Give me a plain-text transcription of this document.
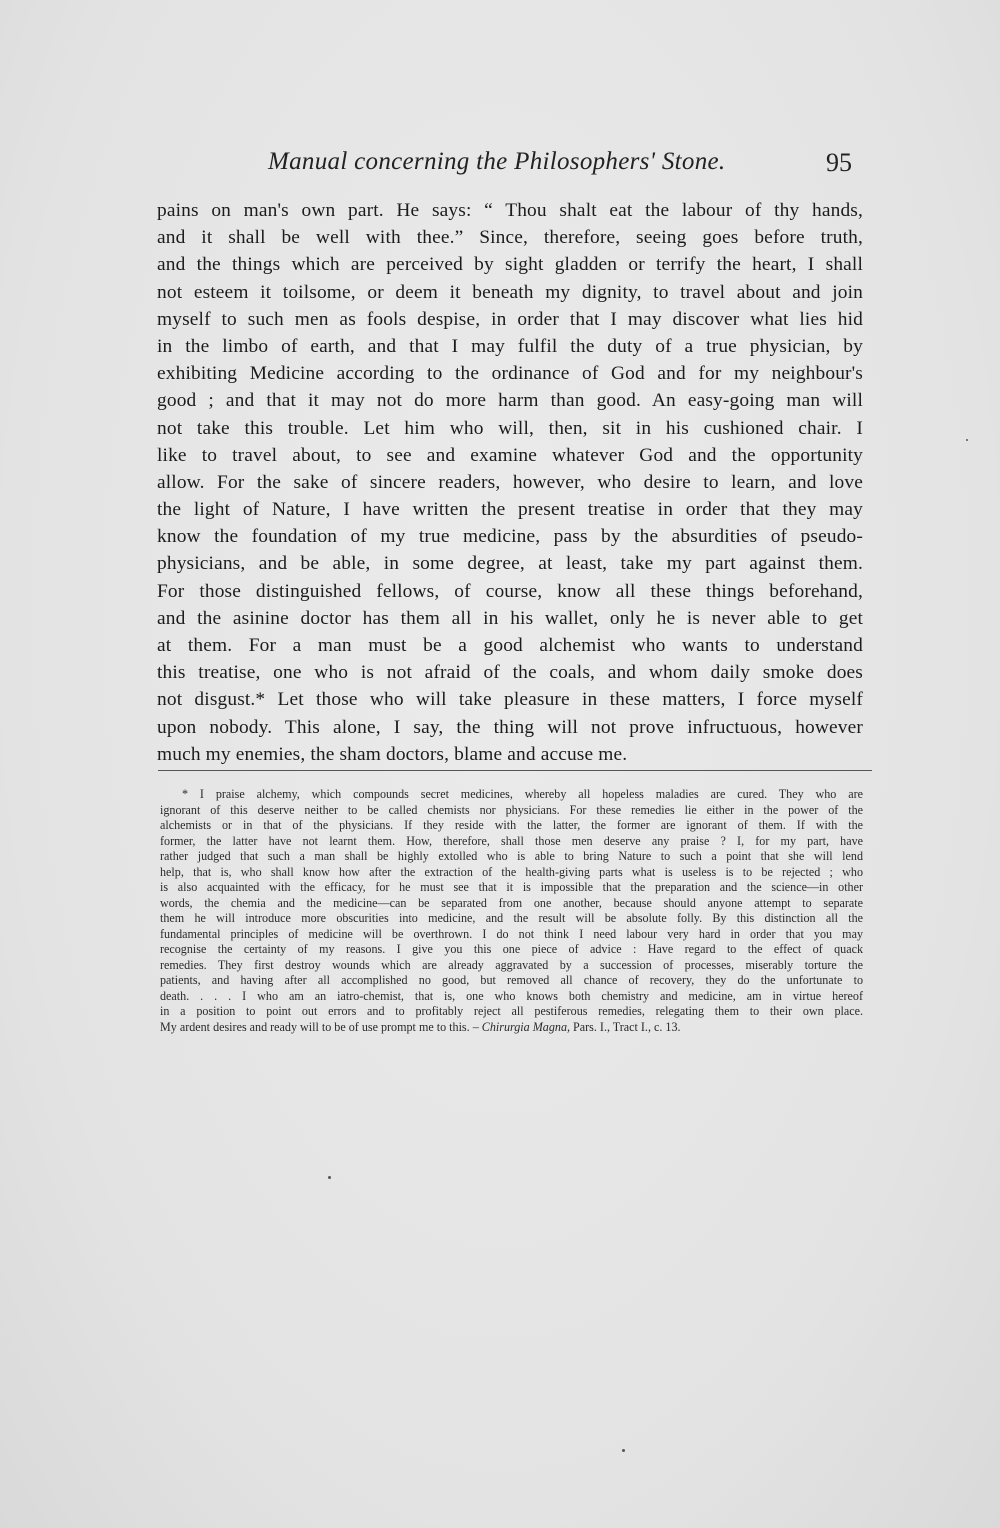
Manual concerning the Philosophers' Stone.	95
pains on man's own part. He says: “ Thou shalt eat the labour of thy hands,
and it shall be well with thee.” Since, therefore, seeing goes before truth,
and the things which are perceived by sight gladden or terrify the heart, I shall
not esteem it toilsome, or deem it beneath my dignity, to travel about and join
myself to such men as fools despise, in order that I may discover what lies hid
in the limbo of earth, and that I may fulfil the duty of a true physician, by
exhibiting Medicine according to the ordinance of God and for my neighbour's
good ; and that it may not do more harm than good. An easy-going man will
not take this trouble. Let him who will, then, sit in his cushioned chair. I
like to travel about, to see and examine whatever God and the opportunity
allow. For the sake of sincere readers, however, who desire to learn, and love
the light of Nature, I have written the present treatise in order that they may
know the foundation of my true medicine, pass by the absurdities of pseudo-
physicians, and be able, in some degree, at least, take my part against them.
For those distinguished fellows, of course, know all these things beforehand,
and the asinine doctor has them all in his wallet, only he is never able to get
at them. For a man must be a good alchemist who wants to understand
this treatise, one who is not afraid of the coals, and whom daily smoke does
not disgust.* Let those who will take pleasure in these matters, I force myself
upon nobody. This alone, I say, the thing will not prove infructuous, however
much my enemies, the sham doctors, blame and accuse me.
* I praise alchemy, which compounds secret medicines, whereby all hopeless maladies are cured. They who are
ignorant of this deserve neither to be called chemists nor physicians. For these remedies lie either in the power of the
alchemists or in that of the physicians. If they reside with the latter, the former are ignorant of them. If with the
former, the latter have not learnt them. How, therefore, shall those men deserve any praise ? I, for my part, have
rather judged that such a man shall be highly extolled who is able to bring Nature to such a point that she will lend
help, that is, who shall know how after the extraction of the health-giving parts what is useless is to be rejected ; who
is also acquainted with the efficacy, for he must see that it is impossible that the preparation and the science—in other
words, the chemia and the medicine—can be separated from one another, because should anyone attempt to separate
them he will introduce more obscurities into medicine, and the result will be absolute folly. By this distinction all the
fundamental principles of medicine will be overthrown. I do not think I need labour very hard in order that you may
recognise the certainty of my reasons. I give you this one piece of advice : Have regard to the effect of quack
remedies. They first destroy wounds which are already aggravated by a succession of processes, miserably torture the
patients, and having after all accomplished no good, but removed all chance of recovery, they do the unfortunate to
death. . . . I who am an iatro-chemist, that is, one who knows both chemistry and medicine, am in virtue hereof
in a position to point out errors and to profitably reject all pestiferous remedies, relegating them to their own place.
My ardent desires and ready will to be of use prompt me to this. – Chirurgia Magna, Pars. I., Tract I., c. 13.
